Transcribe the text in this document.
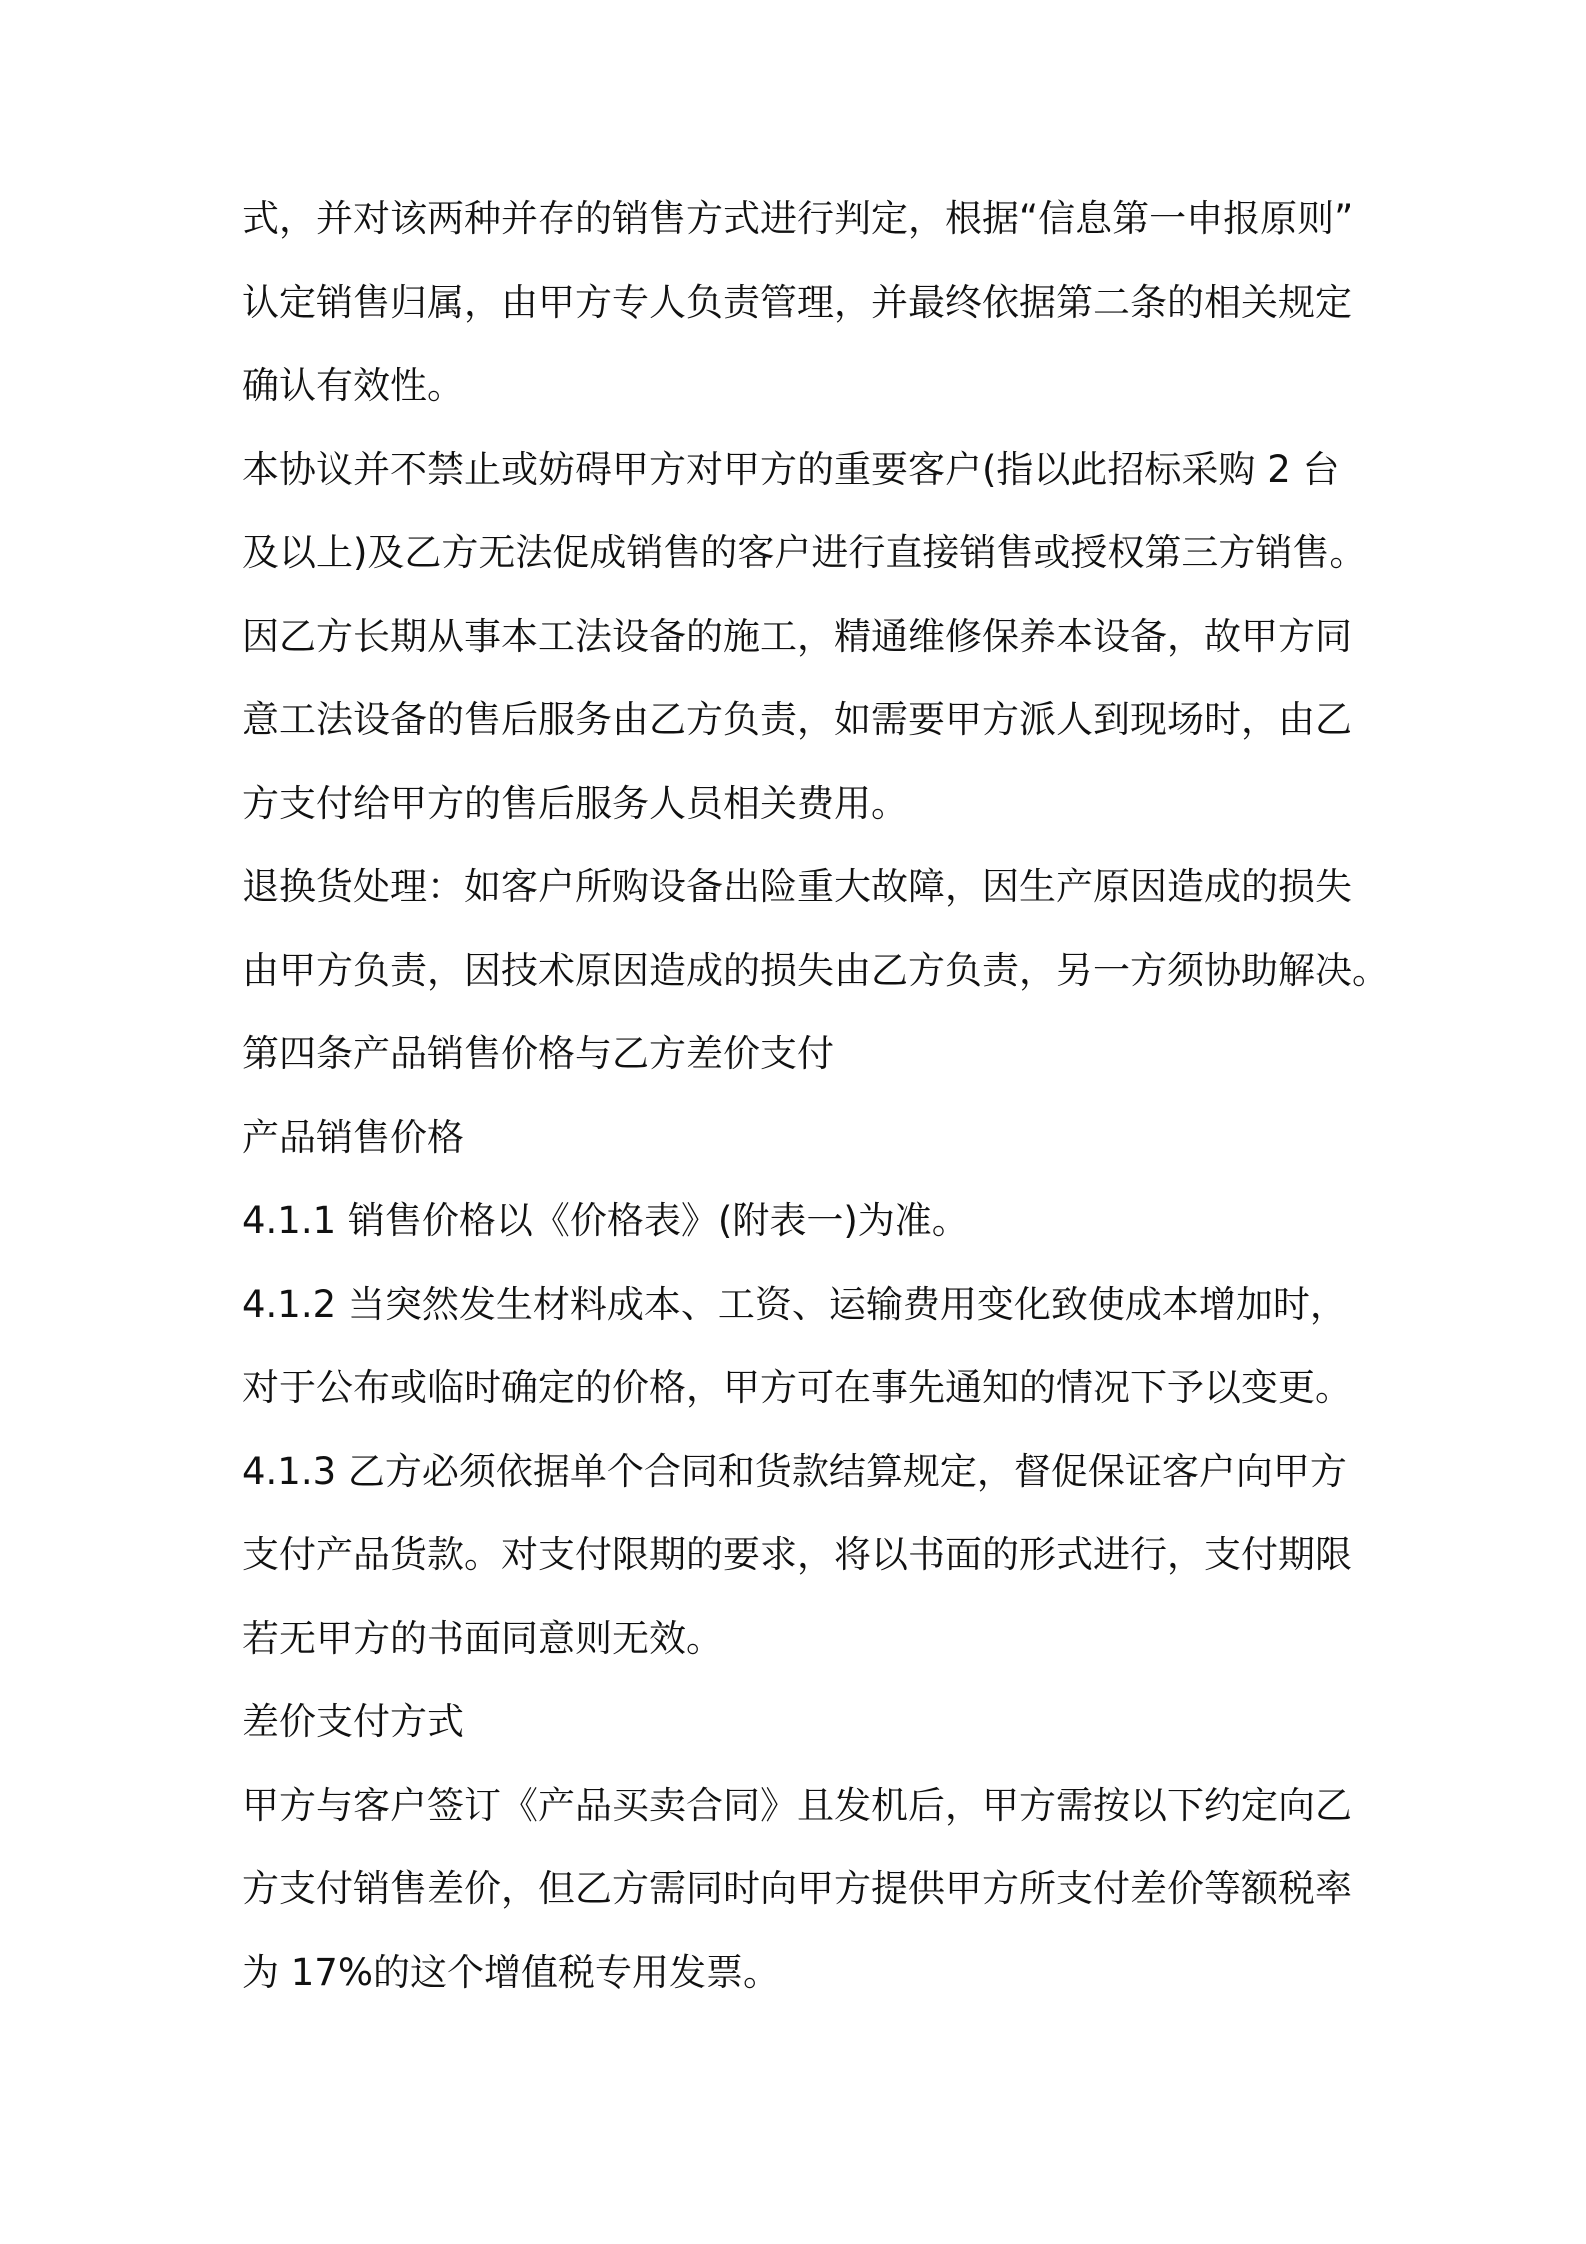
式，并对该两种并存的销售方式进行判定，根据“信息第一申报原则”
认定销售归属，由甲方专人负责管理，并最终依据第二条的相关规定
确认有效性。
本协议并不禁止或妨碍甲方对甲方的重要客户(指以此招标采购 2 台
及以上)及乙方无法促成销售的客户进行直接销售或授权第三方销售。
因乙方长期从事本工法设备的施工，精通维修保养本设备，故甲方同
意工法设备的售后服务由乙方负责，如需要甲方派人到现场时，由乙
方支付给甲方的售后服务人员相关费用。
退换货处理：如客户所购设备出险重大故障，因生产原因造成的损失
由甲方负责，因技术原因造成的损失由乙方负责，另一方须协助解决。
第四条产品销售价格与乙方差价支付
产品销售价格
4.1.1 销售价格以《价格表》(附表一)为准。
4.1.2 当突然发生材料成本、工资、运输费用变化致使成本增加时，
对于公布或临时确定的价格，甲方可在事先通知的情况下予以变更。
4.1.3 乙方必须依据单个合同和货款结算规定，督促保证客户向甲方
支付产品货款。对支付限期的要求，将以书面的形式进行，支付期限
若无甲方的书面同意则无效。
差价支付方式
甲方与客户签订《产品买卖合同》且发机后，甲方需按以下约定向乙
方支付销售差价，但乙方需同时向甲方提供甲方所支付差价等额税率
为 17%的这个增值税专用发票。
